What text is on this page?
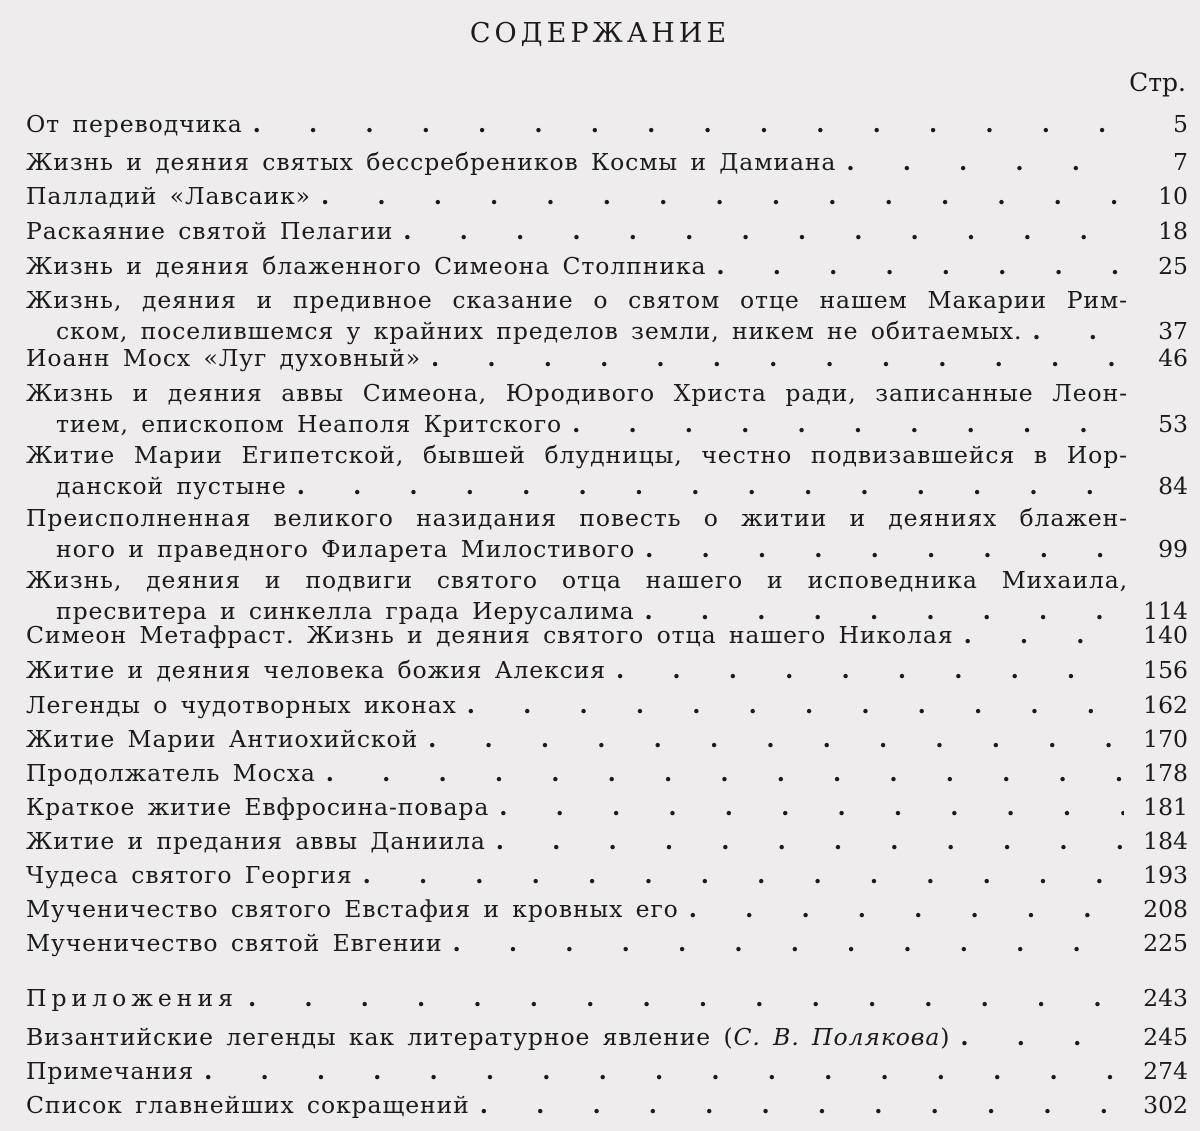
СОДЕРЖАНИЕ
Стр.
От переводчика . . .	5
Жизнь и деяния святых бессребреников Космы и Дамиана . . .	7
Палладий «Лавсаик» . . .	10
Раскаяние святой Пелагии . . .	18
Жизнь и деяния блаженного Симеона Столпника . . .	25
Жизнь, деяния и предивное сказание о святом отце нашем Макарии Рим-
ском, поселившемся у крайних пределов земли, никем не обитаемых. . . .	37
Иоанн Мосх «Луг духовный» . . .	46
Жизнь и деяния аввы Симеона, Юродивого Христа ради, записанные Леон-
тием, епископом Неаполя Критского . . .	53
Житие Марии Египетской, бывшей блудницы, честно подвизавшейся в Иор-
данской пустыне . . .	84
Преисполненная великого назидания повесть о житии и деяниях блажен-
ного и праведного Филарета Милостивого . . .	99
Жизнь, деяния и подвиги святого отца нашего и исповедника Михаила,
пресвитера и синкелла града Иерусалима . . .	114
Симеон Метафраст. Жизнь и деяния святого отца нашего Николая . . .	140
Житие и деяния человека божия Алексия . . .	156
Легенды о чудотворных иконах . . .	162
Житие Марии Антиохийской . . .	170
Продолжатель Мосха . . .	178
Краткое житие Евфросина-повара . . .	181
Житие и предания аввы Даниила . . .	184
Чудеса святого Георгия . . .	193
Мученичество святого Евстафия и кровных его . . .	208
Мученичество святой Евгении . . .	225
Приложения . . .	243
Византийские легенды как литературное явление (С. В. Полякова) . . .	245
Примечания . . .	274
Список главнейших сокращений . . .	302
